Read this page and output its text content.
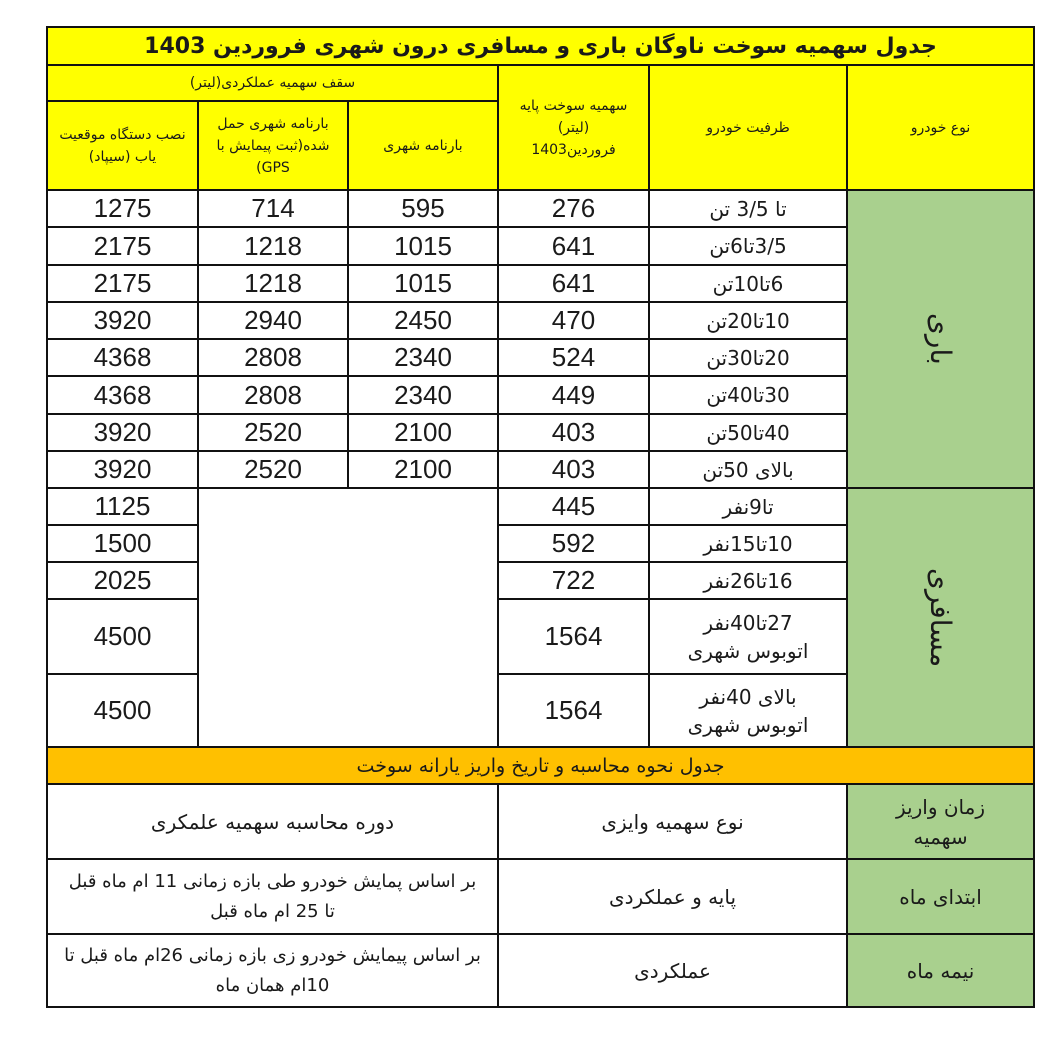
جدول سهمیه سوخت ناوگان باری و مسافری درون شهری فروردین 1403
نوع خودرو
ظرفیت خودرو
سهمیه سوخت پایه (لیتر) فروردین1403
سقف سهمیه عملکردی(لیتر)
بارنامه شهری
بارنامه شهری حمل شده(ثبت پیمایش با GPS)
نصب دستگاه موقعیت یاب (سیپاد)
تا 3/5 تن
276
595
714
1275
3/5تا6تن
641
1015
1218
2175
6تا10تن
641
1015
1218
2175
10تا20تن
470
2450
2940
3920
20تا30تن
524
2340
2808
4368
30تا40تن
449
2340
2808
4368
40تا50تن
403
2100
2520
3920
بالای 50تن
403
2100
2520
3920
باری
تا9نفر
445
1125
10تا15نفر
592
1500
16تا26نفر
722
2025
27تا40نفر اتوبوس شهری
1564
4500
بالای 40نفر اتوبوس شهری
1564
4500
مسافری
جدول نحوه محاسبه و تاریخ واریز یارانه سوخت
زمان واریز سهمیه
نوع سهمیه وایزی
دوره محاسبه سهمیه علمکری
ابتدای ماه
پایه و عملکردی
بر اساس پمایش خودرو طی بازه زمانی 11 ام ماه قبل تا 25 ام ماه قبل
نیمه ماه
عملکردی
بر اساس پیمایش خودرو زی بازه زمانی 26ام ماه قبل تا 10ام همان ماه
